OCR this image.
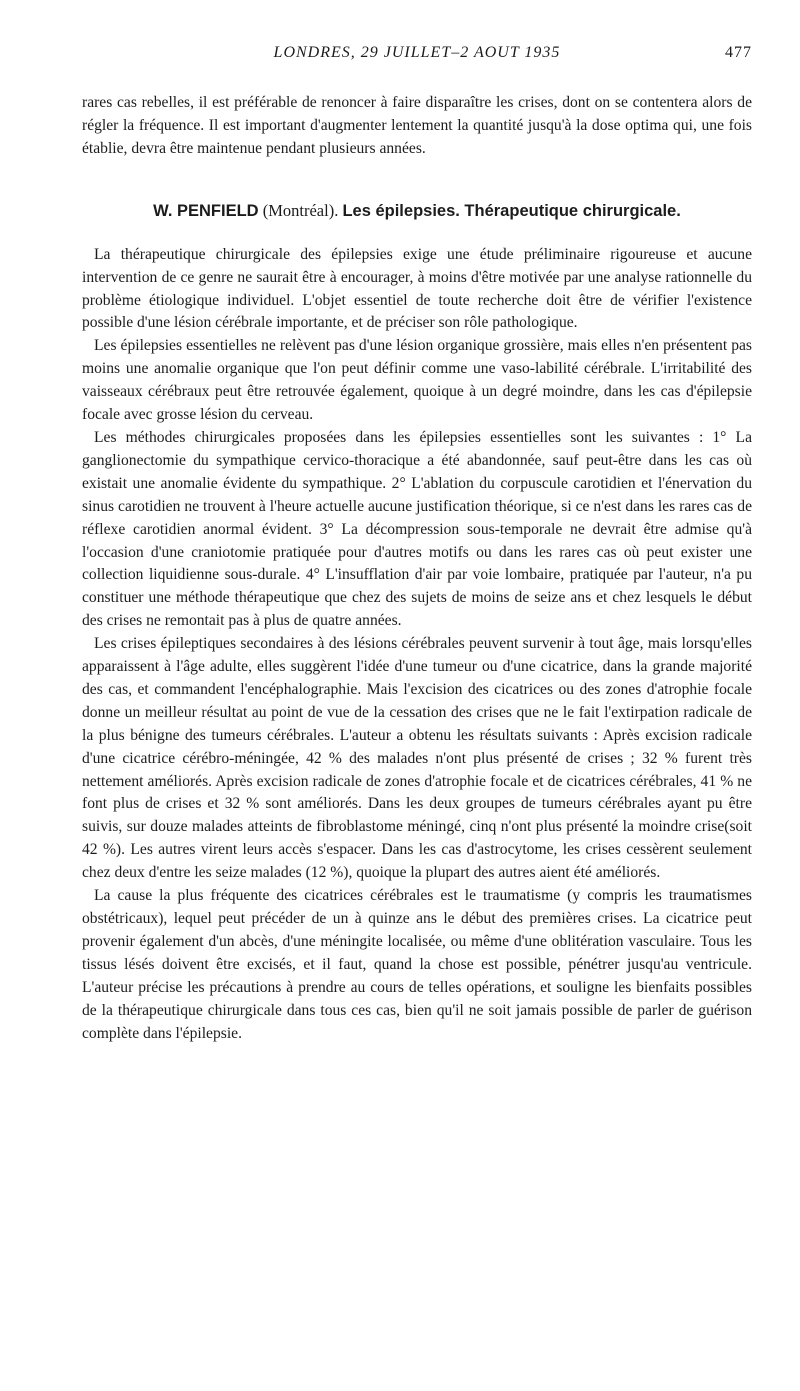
LONDRES, 29 JUILLET–2 AOUT 1935	477

rares cas rebelles, il est préférable de renoncer à faire disparaître les crises, dont on se contentera alors de régler la fréquence. Il est important d'augmenter lentement la quantité jusqu'à la dose optima qui, une fois établie, devra être maintenue pendant plusieurs années.

W. PENFIELD (Montréal). Les épilepsies. Thérapeutique chirurgicale.

La thérapeutique chirurgicale des épilepsies exige une étude préliminaire rigoureuse et aucune intervention de ce genre ne saurait être à encourager, à moins d'être motivée par une analyse rationnelle du problème étiologique individuel. L'objet essentiel de toute recherche doit être de vérifier l'existence possible d'une lésion cérébrale importante, et de préciser son rôle pathologique.

Les épilepsies essentielles ne relèvent pas d'une lésion organique grossière, mais elles n'en présentent pas moins une anomalie organique que l'on peut définir comme une vaso-labilité cérébrale. L'irritabilité des vaisseaux cérébraux peut être retrouvée également, quoique à un degré moindre, dans les cas d'épilepsie focale avec grosse lésion du cerveau.

Les méthodes chirurgicales proposées dans les épilepsies essentielles sont les suivantes : 1° La ganglionectomie du sympathique cervico-thoracique a été abandonnée, sauf peut-être dans les cas où existait une anomalie évidente du sympathique. 2° L'ablation du corpuscule carotidien et l'énervation du sinus carotidien ne trouvent à l'heure actuelle aucune justification théorique, si ce n'est dans les rares cas de réflexe carotidien anormal évident. 3° La décompression sous-temporale ne devrait être admise qu'à l'occasion d'une craniotomie pratiquée pour d'autres motifs ou dans les rares cas où peut exister une collection liquidienne sous-durale. 4° L'insufflation d'air par voie lombaire, pratiquée par l'auteur, n'a pu constituer une méthode thérapeutique que chez des sujets de moins de seize ans et chez lesquels le début des crises ne remontait pas à plus de quatre années.

Les crises épileptiques secondaires à des lésions cérébrales peuvent survenir à tout âge, mais lorsqu'elles apparaissent à l'âge adulte, elles suggèrent l'idée d'une tumeur ou d'une cicatrice, dans la grande majorité des cas, et commandent l'encéphalographie. Mais l'excision des cicatrices ou des zones d'atrophie focale donne un meilleur résultat au point de vue de la cessation des crises que ne le fait l'extirpation radicale de la plus bénigne des tumeurs cérébrales. L'auteur a obtenu les résultats suivants : Après excision radicale d'une cicatrice cérébro-méningée, 42 % des malades n'ont plus présenté de crises ; 32 % furent très nettement améliorés. Après excision radicale de zones d'atrophie focale et de cicatrices cérébrales, 41 % ne font plus de crises et 32 % sont améliorés. Dans les deux groupes de tumeurs cérébrales ayant pu être suivis, sur douze malades atteints de fibroblastome méningé, cinq n'ont plus présenté la moindre crise(soit 42 %). Les autres virent leurs accès s'espacer. Dans les cas d'astrocytome, les crises cessèrent seulement chez deux d'entre les seize malades (12 %), quoique la plupart des autres aient été améliorés.

La cause la plus fréquente des cicatrices cérébrales est le traumatisme (y compris les traumatismes obstétricaux), lequel peut précéder de un à quinze ans le début des premières crises. La cicatrice peut provenir également d'un abcès, d'une méningite localisée, ou même d'une oblitération vasculaire. Tous les tissus lésés doivent être excisés, et il faut, quand la chose est possible, pénétrer jusqu'au ventricule. L'auteur précise les précautions à prendre au cours de telles opérations, et souligne les bienfaits possibles de la thérapeutique chirurgicale dans tous ces cas, bien qu'il ne soit jamais possible de parler de guérison complète dans l'épilepsie.
